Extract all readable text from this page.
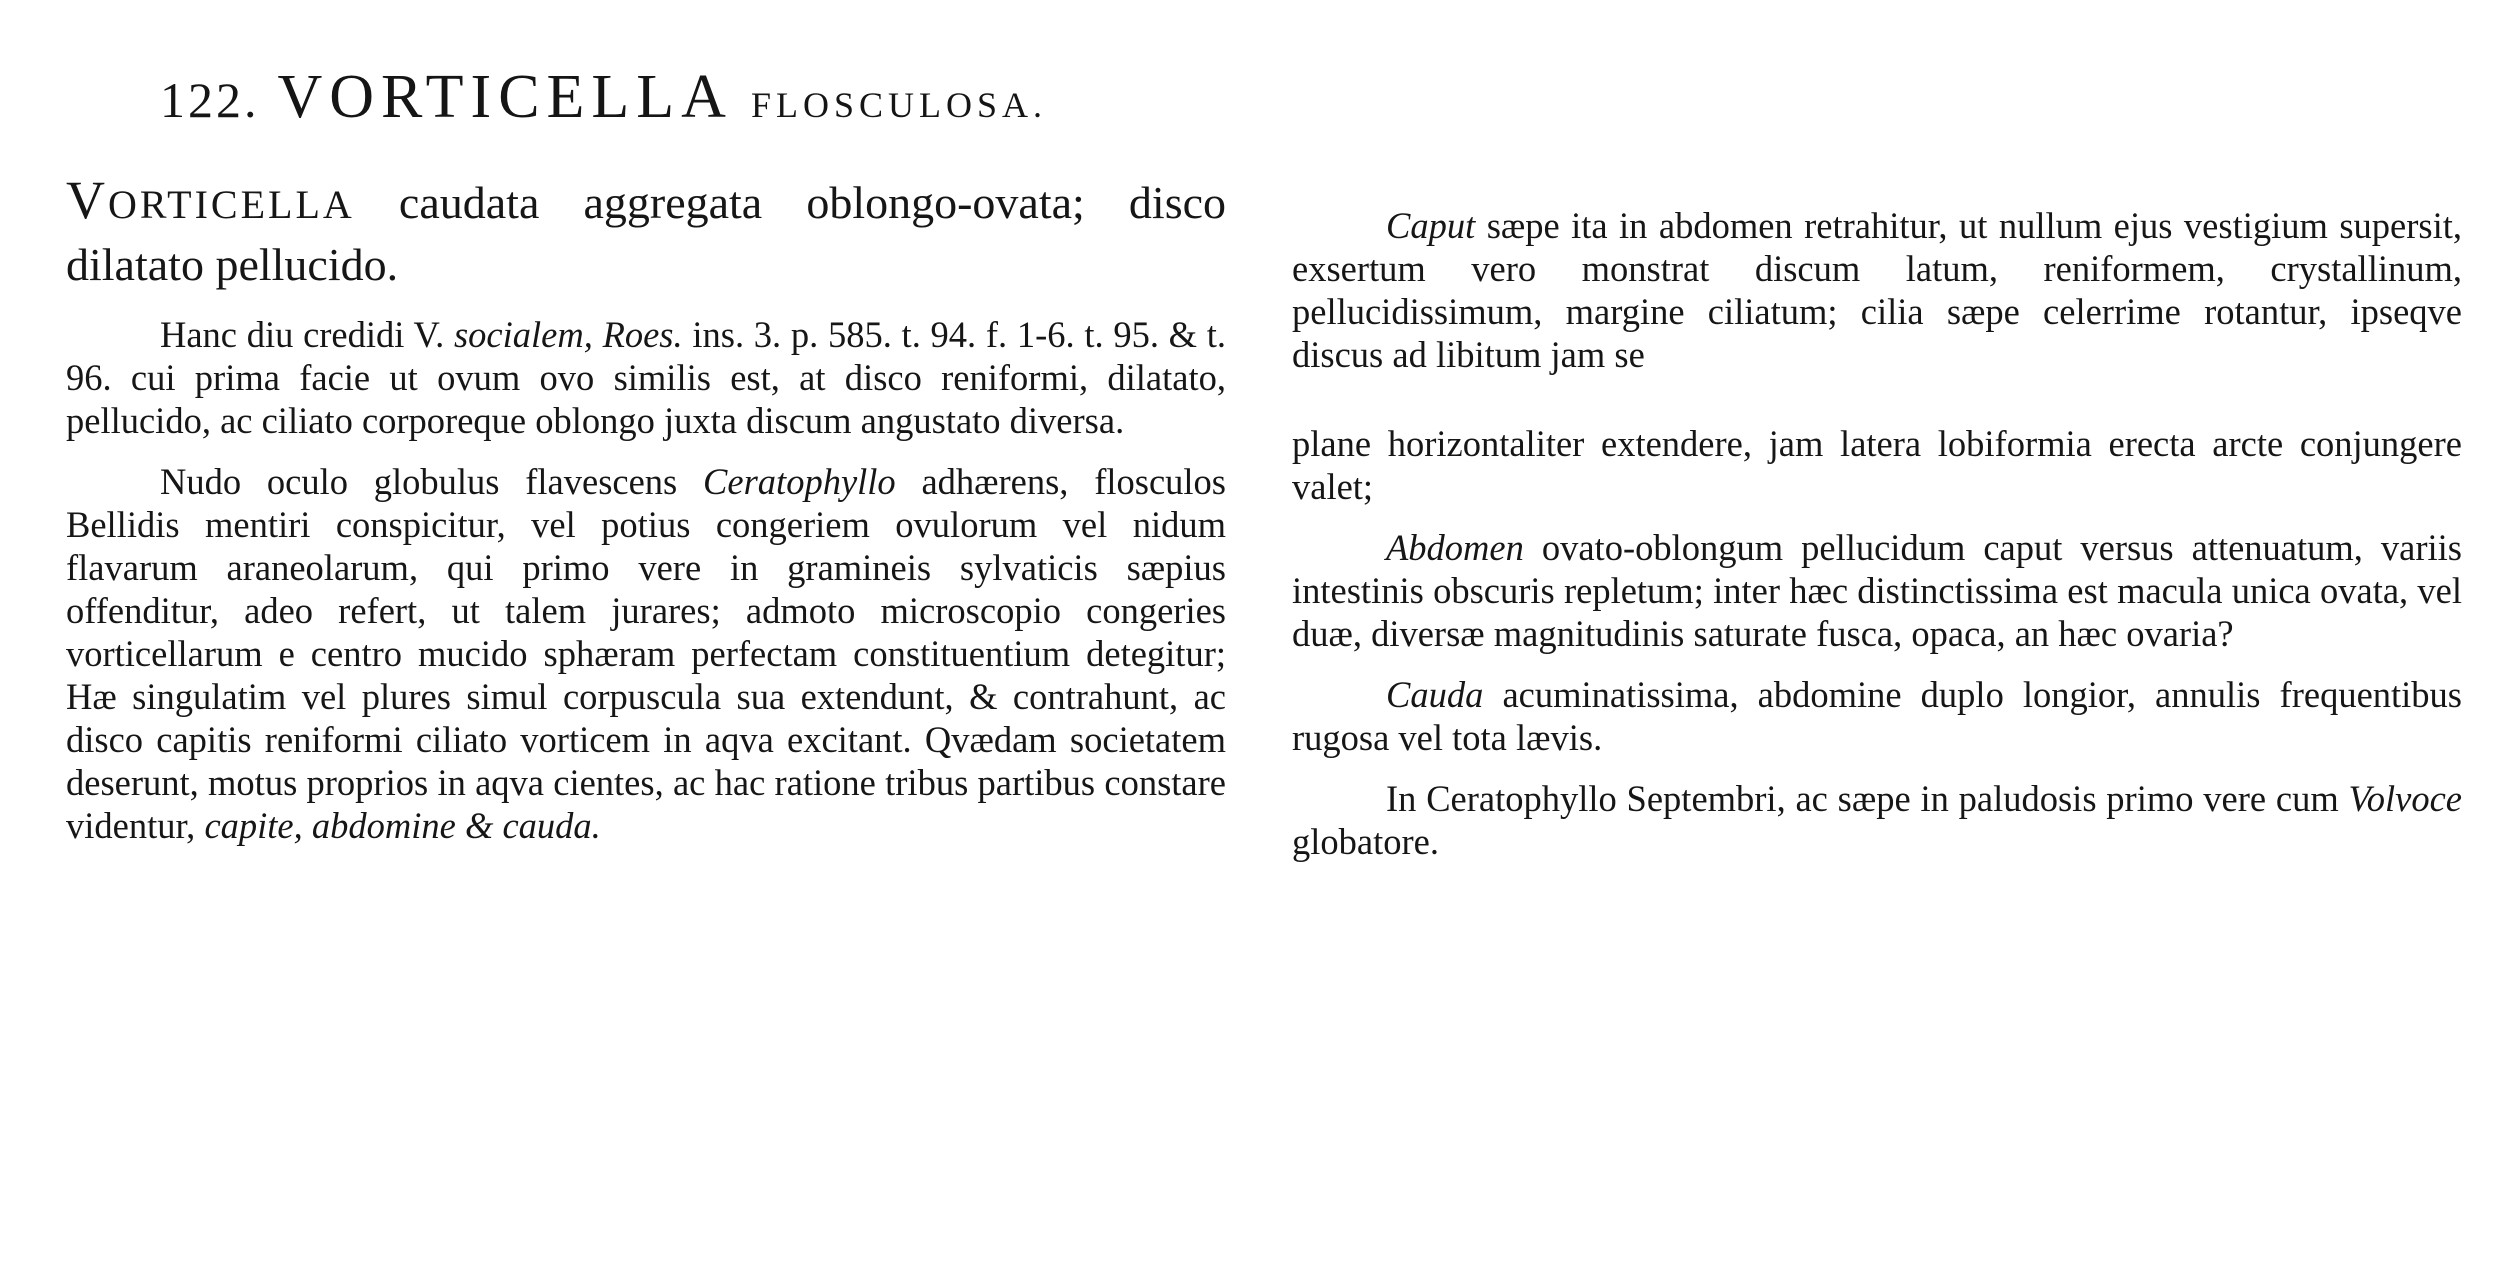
122. VORTICELLA FLOSCULOSA.

VORTICELLA caudata aggregata oblongo-ovata; disco dilatato pellucido.

Hanc diu credidi V. socialem, Roes. ins. 3. p. 585. t. 94. f. 1-6. t. 95. & t. 96. cui prima facie ut ovum ovo similis est, at disco reniformi, dilatato, pellucido, ac ciliato corporeque oblongo juxta discum angustato diversa.

Nudo oculo globulus flavescens Ceratophyllo adhærens, flosculos Bellidis mentiri conspicitur, vel potius congeriem ovulorum vel nidum flavarum araneolarum, qui primo vere in gramineis sylvaticis sæpius offenditur, adeo refert, ut talem jurares; admoto microscopio congeries vorticellarum e centro mucido sphæram perfectam constituentium detegitur; Hæ singulatim vel plures simul corpuscula sua extendunt, & contrahunt, ac disco capitis reniformi ciliato vorticem in aqva excitant. Qvædam societatem deserunt, motus proprios in aqva cientes, ac hac ratione tribus partibus constare videntur, capite, abdomine & cauda.

Caput sæpe ita in abdomen retrahitur, ut nullum ejus vestigium supersit, exsertum vero monstrat discum latum, reniformem, crystallinum, pellucidissimum, margine ciliatum; cilia sæpe celerrime rotantur, ipseqve discus ad libitum jam se

plane horizontaliter extendere, jam latera lobiformia erecta arcte conjungere valet;

Abdomen ovato-oblongum pellucidum caput versus attenuatum, variis intestinis obscuris repletum; inter hæc distinctissima est macula unica ovata, vel duæ, diversæ magnitudinis saturate fusca, opaca, an hæc ovaria?

Cauda acuminatissima, abdomine duplo longior, annulis frequentibus rugosa vel tota lævis.

In Ceratophyllo Septembri, ac sæpe in paludosis primo vere cum Volvoce globatore.
